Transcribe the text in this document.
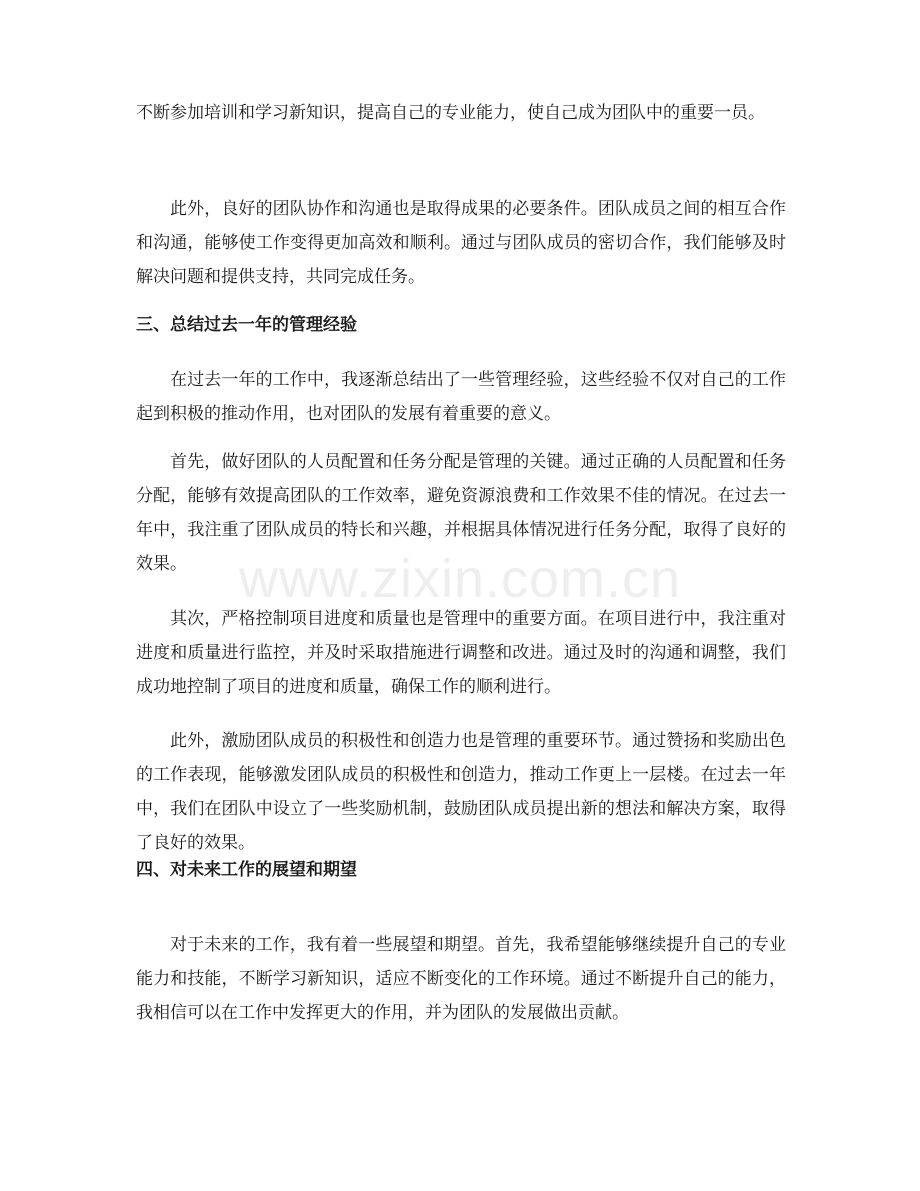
不断参加培训和学习新知识，提高自己的专业能力，使自己成为团队中的重要一员。

此外，良好的团队协作和沟通也是取得成果的必要条件。团队成员之间的相互合作和沟通，能够使工作变得更加高效和顺利。通过与团队成员的密切合作，我们能够及时解决问题和提供支持，共同完成任务。

三、总结过去一年的管理经验

在过去一年的工作中，我逐渐总结出了一些管理经验，这些经验不仅对自己的工作起到积极的推动作用，也对团队的发展有着重要的意义。

首先，做好团队的人员配置和任务分配是管理的关键。通过正确的人员配置和任务分配，能够有效提高团队的工作效率，避免资源浪费和工作效果不佳的情况。在过去一年中，我注重了团队成员的特长和兴趣，并根据具体情况进行任务分配，取得了良好的效果。

其次，严格控制项目进度和质量也是管理中的重要方面。在项目进行中，我注重对进度和质量进行监控，并及时采取措施进行调整和改进。通过及时的沟通和调整，我们成功地控制了项目的进度和质量，确保工作的顺利进行。

此外，激励团队成员的积极性和创造力也是管理的重要环节。通过赞扬和奖励出色的工作表现，能够激发团队成员的积极性和创造力，推动工作更上一层楼。在过去一年中，我们在团队中设立了一些奖励机制，鼓励团队成员提出新的想法和解决方案，取得了良好的效果。

四、对未来工作的展望和期望

对于未来的工作，我有着一些展望和期望。首先，我希望能够继续提升自己的专业能力和技能，不断学习新知识，适应不断变化的工作环境。通过不断提升自己的能力，我相信可以在工作中发挥更大的作用，并为团队的发展做出贡献。

www.zixin.com.cn
